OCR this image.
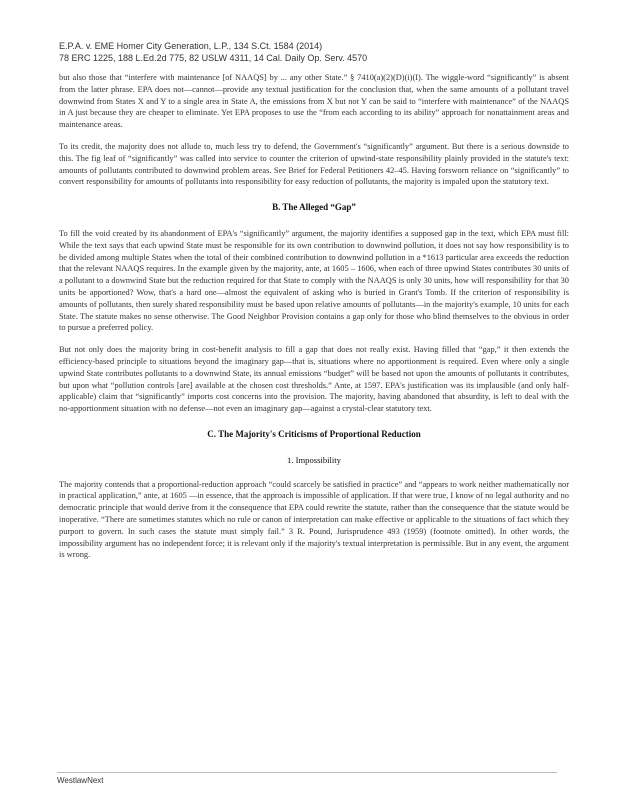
E.P.A. v. EME Homer City Generation, L.P., 134 S.Ct. 1584 (2014)
78 ERC 1225, 188 L.Ed.2d 775, 82 USLW 4311, 14 Cal. Daily Op. Serv. 4570

but also those that “interfere with maintenance [of NAAQS] by ... any other State.” § 7410(a)(2)(D)(i)(I). The wiggle-word “significantly” is absent from the latter phrase. EPA does not—cannot—provide any textual justification for the conclusion that, when the same amounts of a pollutant travel downwind from States X and Y to a single area in State A, the emissions from X but not Y can be said to “interfere with maintenance” of the NAAQS in A just because they are cheaper to eliminate. Yet EPA proposes to use the “from each according to its ability” approach for nonattainment areas and maintenance areas.

To its credit, the majority does not allude to, much less try to defend, the Government's “significantly” argument. But there is a serious downside to this. The fig leaf of “significantly” was called into service to counter the criterion of upwind-state responsibility plainly provided in the statute's text: amounts of pollutants contributed to downwind problem areas. See Brief for Federal Petitioners 42–45. Having forsworn reliance on “significantly” to convert responsibility for amounts of pollutants into responsibility for easy reduction of pollutants, the majority is impaled upon the statutory text.

B. The Alleged “Gap”

To fill the void created by its abandonment of EPA's “significantly” argument, the majority identifies a supposed gap in the text, which EPA must fill: While the text says that each upwind State must be responsible for its own contribution to downwind pollution, it does not say how responsibility is to be divided among multiple States when the total of their combined contribution to downwind pollution in a *1613 particular area exceeds the reduction that the relevant NAAQS requires. In the example given by the majority, ante, at 1605 – 1606, when each of three upwind States contributes 30 units of a pollutant to a downwind State but the reduction required for that State to comply with the NAAQS is only 30 units, how will responsibility for that 30 units be apportioned? Wow, that's a hard one—almost the equivalent of asking who is buried in Grant's Tomb. If the criterion of responsibility is amounts of pollutants, then surely shared responsibility must be based upon relative amounts of pollutants—in the majority's example, 10 units for each State. The statute makes no sense otherwise. The Good Neighbor Provision contains a gap only for those who blind themselves to the obvious in order to pursue a preferred policy.

But not only does the majority bring in cost-benefit analysis to fill a gap that does not really exist. Having filled that “gap,” it then extends the efficiency-based principle to situations beyond the imaginary gap—that is, situations where no apportionment is required. Even where only a single upwind State contributes pollutants to a downwind State, its annual emissions “budget” will be based not upon the amounts of pollutants it contributes, but upon what “pollution controls [are] available at the chosen cost thresholds.” Ante, at 1597. EPA's justification was its implausible (and only half-applicable) claim that “significantly” imports cost concerns into the provision. The majority, having abandoned that absurdity, is left to deal with the no-apportionment situation with no defense—not even an imaginary gap—against a crystal-clear statutory text.

C. The Majority's Criticisms of Proportional Reduction
1. Impossibility

The majority contends that a proportional-reduction approach “could scarcely be satisfied in practice” and “appears to work neither mathematically nor in practical application,” ante, at 1605 —in essence, that the approach is impossible of application. If that were true, I know of no legal authority and no democratic principle that would derive from it the consequence that EPA could rewrite the statute, rather than the consequence that the statute would be inoperative. “There are sometimes statutes which no rule or canon of interpretation can make effective or applicable to the situations of fact which they purport to govern. In such cases the statute must simply fail.” 3 R. Pound, Jurisprudence 493 (1959) (footnote omitted). In other words, the impossibility argument has no independent force; it is relevant only if the majority's textual interpretation is permissible. But in any event, the argument is wrong.

WestlawNext
